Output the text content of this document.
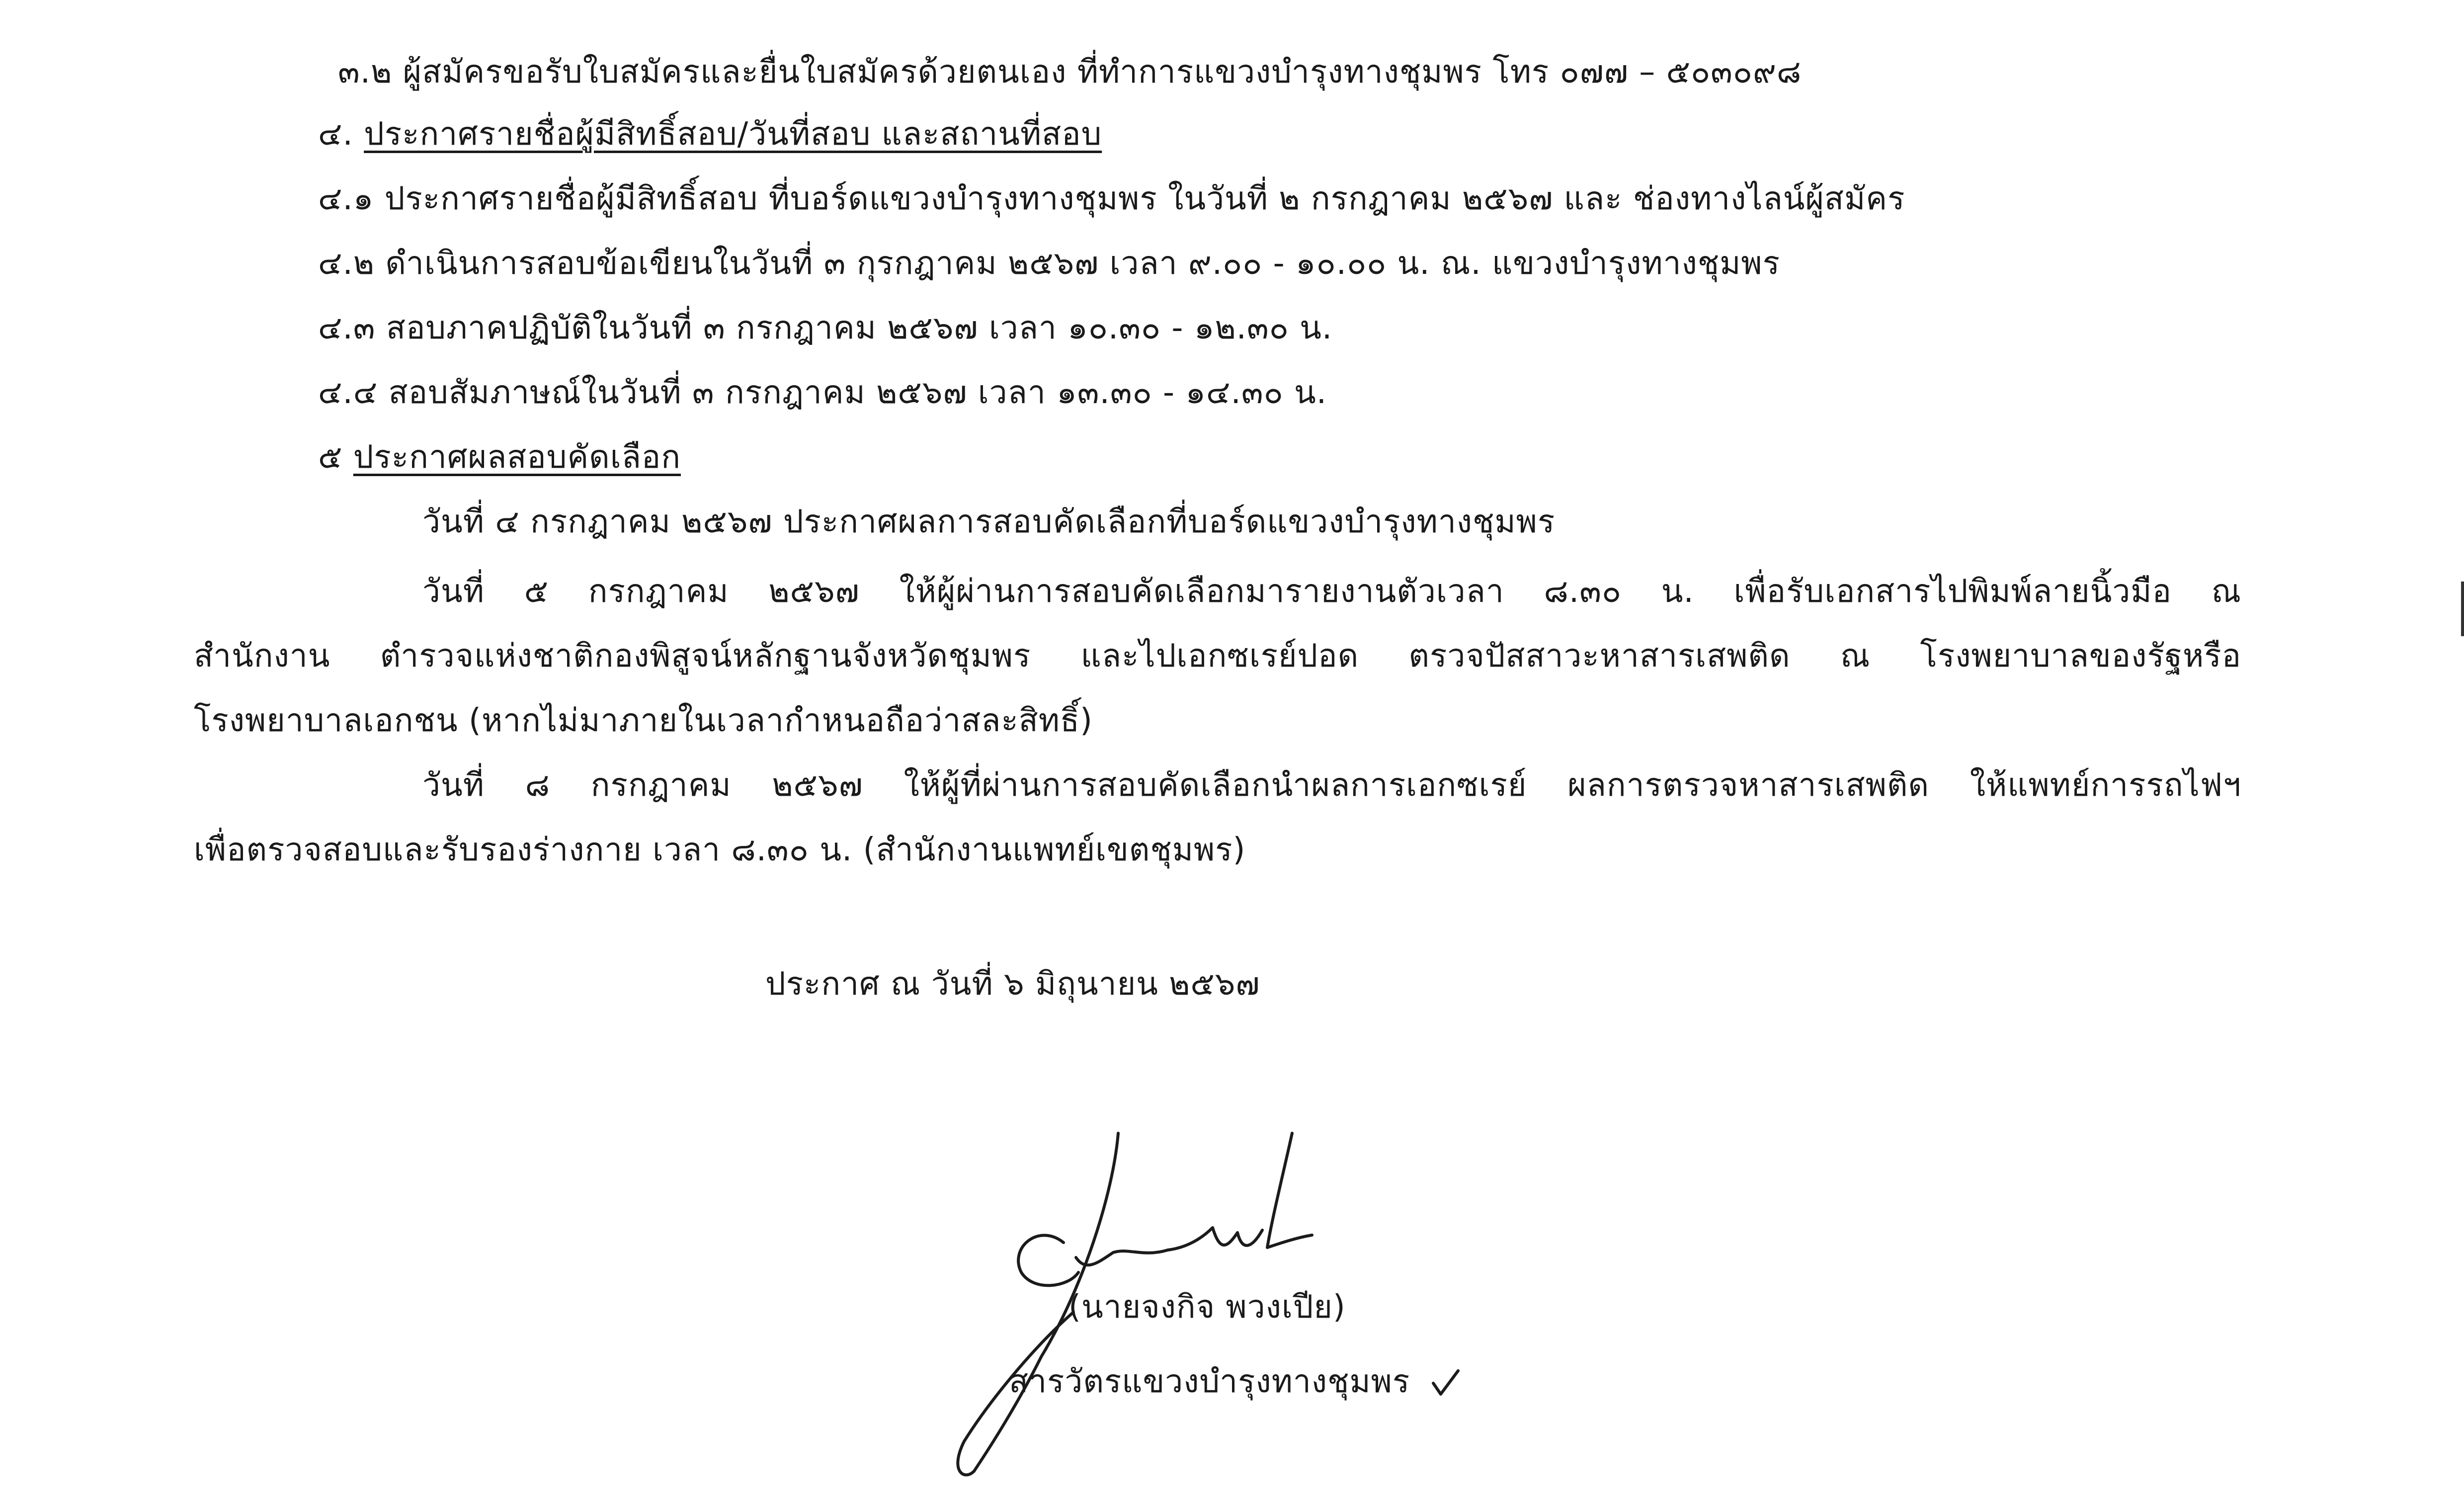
๓.๒ ผู้สมัครขอรับใบสมัครและยื่นใบสมัครด้วยตนเอง ที่ทำการแขวงบำรุงทางชุมพร โทร ๐๗๗ – ๕๐๓๐๙๘
๔. ประกาศรายชื่อผู้มีสิทธิ์สอบ/วันที่สอบ และสถานที่สอบ
๔.๑ ประกาศรายชื่อผู้มีสิทธิ์สอบ ที่บอร์ดแขวงบำรุงทางชุมพร ในวันที่ ๒ กรกฎาคม ๒๕๖๗ และ ช่องทางไลน์ผู้สมัคร
๔.๒ ดำเนินการสอบข้อเขียนในวันที่ ๓ กุรกฎาคม ๒๕๖๗ เวลา ๙.๐๐ - ๑๐.๐๐ น. ณ. แขวงบำรุงทางชุมพร
๔.๓ สอบภาคปฏิบัติในวันที่ ๓ กรกฎาคม ๒๕๖๗ เวลา ๑๐.๓๐ - ๑๒.๓๐ น.
๔.๔ สอบสัมภาษณ์ในวันที่ ๓ กรกฎาคม ๒๕๖๗ เวลา ๑๓.๓๐ - ๑๔.๓๐ น.
๕ ประกาศผลสอบคัดเลือก
วันที่ ๔ กรกฎาคม ๒๕๖๗ ประกาศผลการสอบคัดเลือกที่บอร์ดแขวงบำรุงทางชุมพร
วันที่ ๕ กรกฎาคม ๒๕๖๗ ให้ผู้ผ่านการสอบคัดเลือกมารายงานตัวเวลา ๘.๓๐ น. เพื่อรับเอกสารไปพิมพ์ลายนิ้วมือ ณ
สำนักงาน ตำรวจแห่งชาติกองพิสูจน์หลักฐานจังหวัดชุมพร และไปเอกซเรย์ปอด ตรวจปัสสาวะหาสารเสพติด ณ โรงพยาบาลของรัฐหรือ
โรงพยาบาลเอกชน (หากไม่มาภายในเวลากำหนอถือว่าสละสิทธิ์)
วันที่ ๘ กรกฎาคม ๒๕๖๗ ให้ผู้ที่ผ่านการสอบคัดเลือกนำผลการเอกซเรย์ ผลการตรวจหาสารเสพติด ให้แพทย์การรถไฟฯ
เพื่อตรวจสอบและรับรองร่างกาย เวลา ๘.๓๐ น. (สำนักงานแพทย์เขตชุมพร)
ประกาศ ณ วันที่ ๖ มิถุนายน ๒๕๖๗
(นายจงกิจ พวงเปีย)
สารวัตรแขวงบำรุงทางชุมพร
